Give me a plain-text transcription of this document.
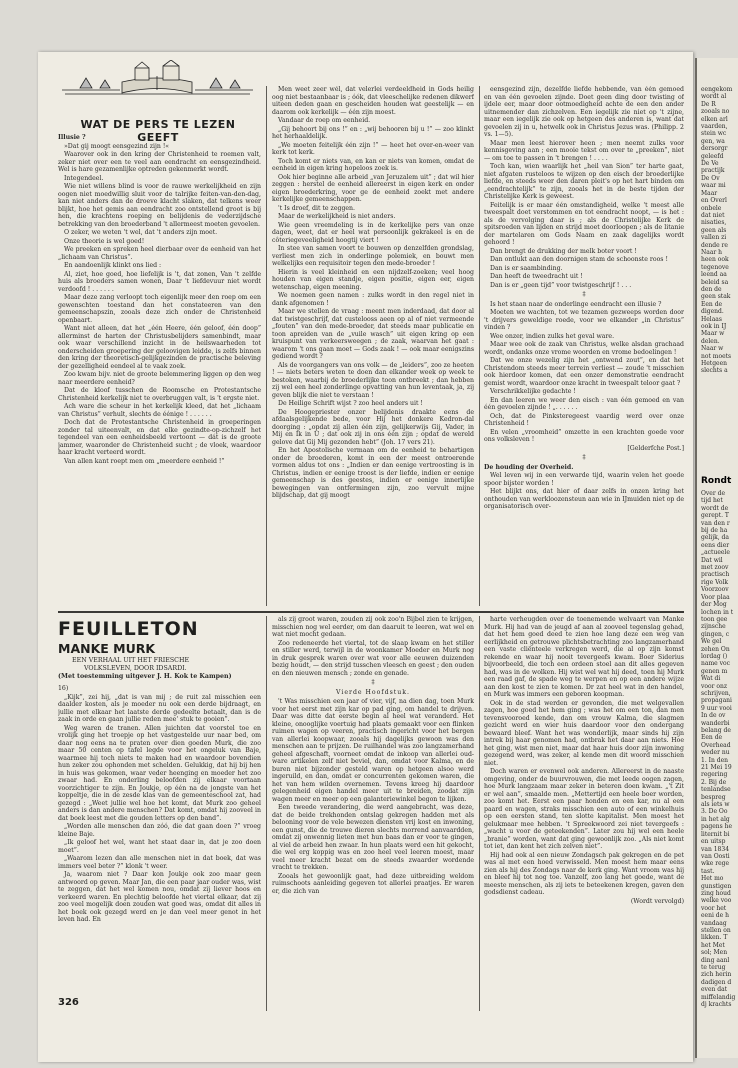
WAT DE PERS TE LEZEN GEEFT

Illusie ?

»Dat gij moogt eensgezind zijn !«

Waarover ook in den kring der Christenheid te roemen valt, zeker niet over een te veel aan eendracht en eensgezindheid. Wel is hare gezamenlijke optreden gekenmerkt wordt.

Integendeel.

Wie niet willens blind is voor de rauwe werkelijkheid en zijn oogen niet moedwillig sluit voor de talrijke feiten-van-den-dag, kan niet anders dan de droeve klacht slaken, dat telkens weer blijkt, hoe het gemis aan eendracht zoo ontstellend groot is bij hen, die krachtens roeping en belijdenis de vederzijdsche betrekking van den broederband 't allermeest moeten gevoelen.

O zeker, we weten 't wel, dat 't anders zijn moet.

Onze theorie is wel goed!

We preeken en spreken heel dierbaar over de eenheid van het „lichaam van Christus”.

En aandoenlijk klinkt ons lied :

Al, ziet, hoe goed, hoe liefelijk is 't, dat zonen, Van 't zelfde huis als broeders samen wonen, Daar 't liefdevuur niet wordt verdoofd ! . . . . . .

Maar deze zang verloopt toch eigenlijk meer den roep om een gewenschten toestand dan het constateeren van den gemeenschapszin, zooals deze zich onder de Christenheid openbaart.

Want niet alleen, dat het „één Heere, één geloof, één doop” allerminst de harten der Christusbelijders samenbindt, maar ook waar verschillend inzicht in de heilswaarheden tot onderscheiden groepering der geloovigen leidde, is zelfs binnen den kring der theoretisch-gelijkgezinden de practische beleving der gezelligheid eendeel al te vaak zoek.

Zoo kwam bijv. niet de groote belemmering liggen op den weg naar meerdere eenheid?

Dat de kloof tusschen de Roomsche en Protestantsche Christenheid kerkelijk niet te overbruggen valt, is 't ergste niet.

Ach ware die scheur in het kerkelijk kleed, dat het „lichaam van Christus” verhult, slechts de éénige ! . . . . . .

Doch dat de Protestantsche Christenheid in groeperingen zonder tal uiteenvalt, en dat elke gezindte-op-zichzelf het tegendeel van een eenheidsbeeld vertoont — dát is de groote jammer, waaronder de Christenheid sucht ; de vloek, waardoor haar kracht verteerd wordt.

Van allen kant roept men om „meerdere eenheid !”

Men weet zeer wél, dat velerlei verdeeldheid in Gods heilig oog niet bestaanbaar is ; óók, dat vleeschelijke redenen dikwerf uiteen deden gaan en gescheiden houden wat geestelijk — en daarom ook kerkelijk — één zijn moest.

Vandaar de roep om eenheid.

„Gij behoort bij ons !” en : „wij behooren bij u !” — zoo klinkt het herhaaldelijk.

„We moeten feitelijk één zijn !” — heet het over-en-weer van kerk tot kerk.

Toch komt er niets van, en kan er niets van komen, omdat de eenheid in eigen kring hopeloos zoek is.

Ook hier beginne alle arbeid „van Jeruzalem uit” ; dat wil hier zeggen : herstel de eenheid allereerst in eigen kerk en onder eigen broederkring, voor ge de eenheid zoekt met andere kerkelijke gemeenschappen.

't Is droef, dit te zeggen.

Maar de werkelijkheid is niet anders.

Wie geen vreemdeling is in de kerkelijke pers van onze dagen, weet, dat er heel wat persoonlijk gekrakeel is en de côteriegeveeligheid hoogtij viert !

In stee van samen voort te bouwen op denzelfden grondslag, verliest men zich in onderlinge polemiek, en bouwt men welkelijks een requisitoir tegen den mede-broeder !

Hierin is veel kleinheid en een nijdzelf-zoeken; veel hoog houden van eigen standje, eigen positie, eigen eer, eigen wetenschap, eigen meening.

We noemen geen namen : zulks wordt in den regel niet in dank afgenomen !

Maar we stellen de vraag : meent men inderdaad, dat door al dat twistgeschrijf, dat custelooss aeen op al of niet vermeende „fouten” van den mede-broeder, dat steeds maar publicatie en toon apreiden van de „vuile wasch” uit eigen kring op een kruispunt van verkeersweegen ; de zaak, waarvan het gaat : waarom 't ons gaan moet — Gods zaak ! — ook maar eenigszins gediend wordt ?

Als de voorgangers van ons volk — de „leiders”, zoo ze heeten ! — niets beters weten te doen dan elkander week op week te bestoken, waarbij de broederlijke toon ontbreekt ; dan hebben zij wel een heel zonderlinge opvatting van hun leventaak, ja, zij geven blijk die niet te verstaan !

De Heilige Schrift wijst ? zoo heel anders uit !

De Hoogepriester onzer belijdenis draakte eens de afdaalsgelijkende bede, voor Hij het donkere Kedron-dal doorging : „opdat zij allen één zijn, gelijkerwijs Gij, Vader, in Mij en Ik in U ; dat ook zij in ons één zijn ; opdat de wereld gelove dat Gij Mij gezonden hebt” (Joh. 17 vers 21).

En het Apostolische vermaan om de eenheid te behartigen onder de broederen, komt in een der meest ontroerende vormen aldus tot ons : „Indien er dan eenige vertroosting is in Christus, indien er eenige troost is der liefde, indien er eenige gemeenschap is des geestes, indien er eenige innerlijke bewegingen van ontfermingen zijn, zoo vervult mijne blijdschap, dat gij moogt

eensgezind zijn, dezelfde liefde hebbende, van één gemoed en van één gevoelen zijnde. Doet geen ding door twisting of ijdele eer, maar door ootmoedigheid achte de een den ander uitnemender dan zichzelven. Een iegelijk zie niet op 't zijne, maar een iegelijk zie ook op hetgeen des anderen is, want dat gevoelen zij in u, hetwelk ook in Christus Jezus was. (Philipp. 2 vs. 1—5).

Maar men leest hierover heen ; men neemt zulks voor kennisgeving aan ; een mooie tekst om over te „preeken”, niet — om toe te passen in 't brengen ! . . . .

Toch kan, wien waarlijk het „heil van Sion” ter harte gaat, niet afgaten rusteloos te wijzen op den eisch der broederlijke liefde, en steeds weer den daren pleit's op het hart binden om „eendrachtelijk” te zijn, zooals het in de beste tijden der Christelijke Kerk is geweest.

Feitelijk is er maar één omstandigheid, welke 't meest alle tweespalt doet verstommen en tot eendracht noopt, — is het : als de vervolging daar is ; als de Christelijke Kerk de spitsroeden van lijden en strijd moet doorloopen ; als de litanie der martelaren om Gods Naam en zaak dagelijks wordt gehoord !

Dan brengt de drukking der melk boter voort !

Dan ontlukt aan den doornigen stam de schoonste roos !

Dan is er saambinding.

Dan heeft de tweedracht uit !

Dan is er „geen tijd” voor twistgeschrijf ! . . .

‡

Is het staan naar de onderlinge eendracht een illusie ?

Moeten we wachten, tot we tezamen gezweeps worden door 't drijvers geweldige roede, voor we elkander „in Christus” vinden ?

Wee onzer, indien zulks het geval ware.

Maar wee ook de zaak van Christus, welke alsdan grachaad wordt, ondanks onze vrome woorden en vrome bedoelingen !

Dat we onze wezelig zijn het „ontwend zout”, en dat het Christendom steeds meer terrein verliest — zoude 't misschien ook hierdoor komen, dat een onzer demonstratie eendracht gemist wordt, waardoor onze kracht in tweespalt teloor gaat ?

Verschrikkelijke gedachte !

En dan leeren we weer den eisch : van één gemoed en van één gevoelen zijnde ! „. . . . . .

Och, dat de Pinksteregeest vaardig werd over onze Christenheid !

En velen „vroomheid” omzette in een krachten goede voor ons volksleven !

[Gelderfche Post.]

‡

De houding der Overheid.

Wel leven wij in een verwarde tijd, waarin velen het goede spoor bijster worden !

Het blijkt ons, dat hier of daar zelfs in onzen kring het onthouden van werkloozensteun aan wie in IJmuiden niet op de organisatorisch over-

FEUILLETON
MANKE MURK
EEN VERHAAL UIT HET FRIESCHE
VOLKSLEVEN, DOOR IDSARDI.
(Met toestemming uitgever J. H. Kok te Kampen)

16)

„Kijk”, zei hij, „dat is van mij ; de ruit zal misschien een daalder kosten, als je moeder nu ook een derde bijdraagt, en jullie met elkaar het laatste derde gedeelte betaalt, dan is de zaak in orde en gaan jullie reden mee' stuk te gooien”.

Weg waren de tranen. Allen juichten dat voorstel toe en vrolijk ging het troepje op het vastgestelde uur naar bed, om daar nog eens na te praten over dien goeden Murk, die zoo maar 50 centen op tafel legde voor het ongeluk van Baje, waarmee hij toch niets te maken had en waardoor bovendien hun zeker zou ophonden met schelden. Gelukkig, dat hij bij hen in huis was gekomen, waar veder heenging en moeder het zoo zwaar had. En onderling beloofden zij elkaar voortaan voorzichtiger te zijn. En Joukje, op één na de jongste van het koppeltje, die in de zesde klas van de gemeenteschool zat, had gezegd : „Weet jullie wel hoe het komt, dat Murk zoo geheel anders is dan andere menschen? Dat komt, omdat hij zooveel in dat boek leest met die gouden letters op den band”.

„Worden alle menschen dan zóó, die dat gaan doen ?” vroeg kleine Baje.

„Ik geloof het wel, want het staat daar in, dat je zoo doen moet”.

„Waarom lezen dan alle menschen niet in dat boek, dat was immers veel beter ?” klonk 't weer.

Ja, waarom niet ? Daar kon Joukje ook zoo maar geen antwoord op geven. Maar Jan, die een paar jaar ouder was, wist te zeggen, dat het wel komen nou, omdat zij liever hoos en verkeerd waren. En plechtig beloofde het viertal elkaar, dat zij zoo veel mogelijk doen zouden wat goed was, omdat dit alles in het boek ook gezegd werd en je dan veel meer genot in het leven had. En

als zij groot waren, zouden zij ook zoo'n Bijbel zien te krijgen, misschien nog wel eerder, om dan daaruit te leeren, wat wel en wat niet mocht gedaan.

Zoo redeneerde het viertal, tot de slaap kwam en het stiller en stiller werd, terwijl in de woonkamer Moeder en Murk nog in druk gesprek waren over wat voor alle eeuwen duizenden bezig houdt, — den strijd tusschen vleesch en geest ; den ouden en den nieuwen mensch ; zonde en genade.

‡
Vierde Hoofdstuk.

't Was misschien een jaar of vier, vijf, na dien dag, toen Murk voor het eerst met zijn kar op pad ging, om handel te drijven. Daar was ditte dat eerste begin al heel wat veranderd. Het kleine, onooglijke voertuig had plaats gemaakt voor een flinken ruimen wagen op veeren, practisch ingericht voor het bergen van allerlei koopwaar, zooals hij dagelijks gewoon was den menschen aan te prijzen. De ruilhandel was zoo langzamerhand geheel afgeschaft, voorneet omdat de inkoop van allerlei oud-ware artikelen zelf niet beviel, dan, omdat voor Kalma, en de buren niet bijzonder gesteld waren op hetgeen alsoo werd ingeruild, en dan, omdat er concurrenten gekomen waren, die het van hem wilden overnemen. Tevens kreeg hij daardoor gelegenheid eigen handel meer uit te breiden, zoodat zijn wagen meer en meer op een galanteriewinkel begon te lijken.

Een tweede verandering, die werd aangebracht, was deze, dat de beide trekhonden ontslag gekregen hadden met als belooning voor de vele bewezen diensten vrij kost en inwoning, een gunst, die de trouwe dieren slechts morrend aanvaardden, omdat zij onwennig lieten met hun baas dan er voor te gingen, al viel de arbeid hen zwaar. In hun plaats werd een hit gekocht, die wel erg koppig was en zoo heel veel leeren moest, maar veel meer kracht bezat om de steeds zwaarder wordende vracht te trekken.

Zooals het gewoonlijk gaat, had deze uitbreiding weldom ruimschoots aanleiding gegeven tot allerlei praatjes. Er waren er, die zich van

harte verheugden over de toenemende welvaart van Manke Murk. Hij had van de jeugd af aan al zooveel tegenslag gehad, dat het hem goed deed te zien hoe lang deze een weg van eerlijkheid en getrouwe plichtsbetrachting zoo langzamerhand een vaste cliënteele verkregen werd, die al op zijn komst rekende en waar hij nooit tevergeefs kwam. Boer Siderius bijvoorbeeld, die toch een ordeen stoel aan dit alles gegeven had, was in de wolken. Hij wist wel wat hij deed, toen hij Murk een raad gaf, de spade weg te werpen en op een andere wijze aan den kost te zien te komen. Dr zat heel wat in den handel, en Murk was immers een geboren koopman.

Ook in de stad werden er gevonden, die met welgevallen zagen, hoe goed het hem ging ; was het om een ton, dan men tevensvooroed kende, dan om vrouw Kalma, die slagmen gezicht werd en wier huis daardoor voor den ondergang bewaard bleef. Want het was wonderlijk, maar sinds hij zijn intrek bij haar genomen had, ontbrak het daar aan niets. Hoe het ging, wist men niet, maar dat haar huis door zijn inwoning gezegend werd, was zeker, al kende men dit woord misschien niet.

Doch waren er evenwel ook anderen. Allereerst in de naaste omgeving, onder de buurvrouwen, die met leede oogen zagen, hoe Murk langzaam maar zeker in beteren doen kwam. „'t Zit er wel aan”, smaalde men. „Mettertijd een heele boer worden, zoo komt het. Eerst een paar honden en een kar, nu al een paard en wagen, straks misschien een auto of een winkelhuis op een eersten stand, ten slotte kapitalist. Men moest het gelukmaar mee hebben. 't Spreekwoord zei niet tevergeefs : „wacht u voor de geteekenden”. Later zou hij wel een heele „branie” worden, want dat ging gewoonlijk zoo. „Als niet komt tot iet, dan kent het zich zelven niet”.

Hij had ook al een nieuw Zondagsch pak gekregen en de pet was al met een hoed verwisseld. Men moest hem maar eens zien als hij des Zondags naar de kerk ging. Want vroom was hij en bleef hij tot nog toe. Vanzelf, zoo lang het goede, want de meeste menschen, als zij iets te beteekenen kregen, gaven den godsdienst cadeau.

(Wordt vervolgd)

326
eengekom
wordt al
De R
zooals no
elken arl
vaarden,
stein wc
gen, wa
dersorgr
geleefd
De Ve
practijk
De Ov
waar mi
Maar
en Overl
onbele
dat niet
nisaties,
geen als
vallen zi
dende re
Naar h
heen ook
tegenove
leend aa
beleid sa
den de
geen stak
Een de
digend.
Helaas
ook in IJ
Maar w
delen.
Naar w
not moets
Hetgeen
slechts a
Rondt
Over de
tijd het
wordt de
gerept. T
van den r
bij de ha
gelijk, da
eens dier
„actueele
Dat wil
met zoov
practisch
rige Volk
Voorzoov
Voor plaa
der Mog
lochen in t
toon gee
zijnsche
gingen, c
We gel
zehen On
lordag ()
name voc
genen m
Wat di
voor onz
schrijven,
propagani
9 uur vooi
In de ov
wanderbi
belang de
Een de
Overhead
weder nu
1. In den
21 Mei 19
regering
2. Bij de
tenlandse
bespreg
als iets w
3. De Oo
in het alg
pagens he
liternit bi
en uitsp
van 1834
van Oosti
wke rege
tast.
Het mo
gunstigen
zing houd
welke voo
voor het
eeni de h
vandaag
stellen on
likken. T
het Met
sol; Men
ding aanl
te terug
zich herin
dadigen d
even dat
miffelandig
dj krachts
